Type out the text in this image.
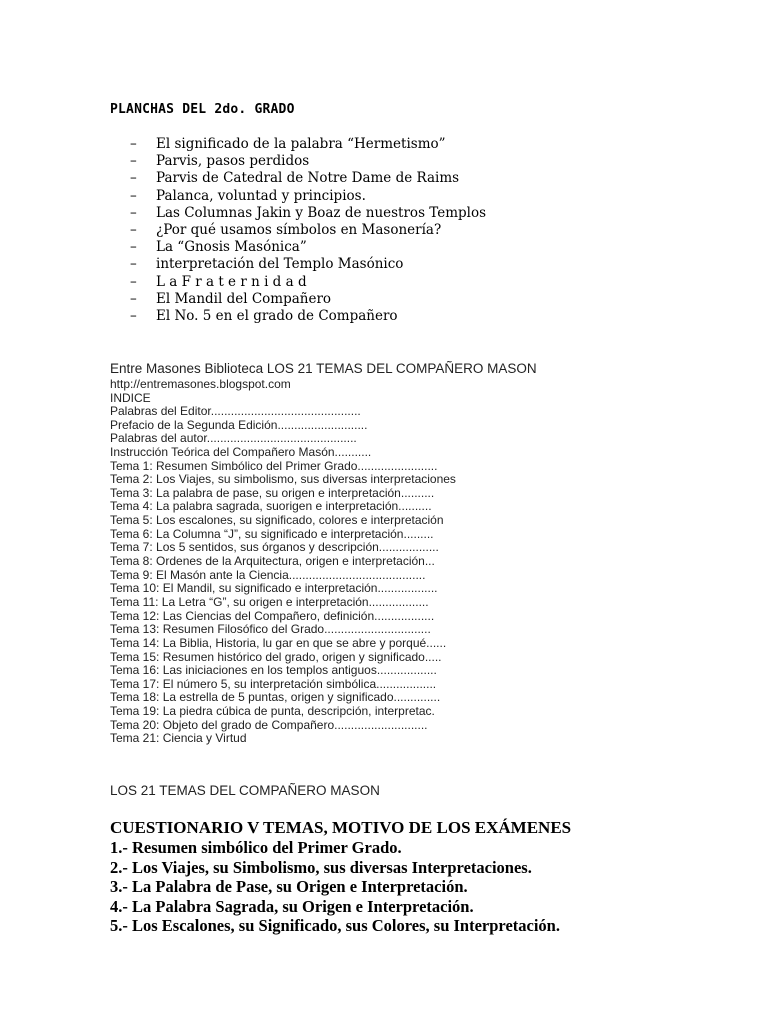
PLANCHAS DEL 2do. GRADO
– El significado de la palabra “Hermetismo”
– Parvis, pasos perdidos
– Parvis de Catedral de Notre Dame de Raims
– Palanca, voluntad y principios.
– Las Columnas Jakin y Boaz de nuestros Templos
– ¿Por qué usamos símbolos en Masonería?
– La “Gnosis Masónica”
– interpretación del Templo Masónico
– L a F r a t e r n i d a d
– El Mandil del Compañero
– El No. 5 en el grado de Compañero

Entre Masones Biblioteca LOS 21 TEMAS DEL COMPAÑERO MASON

http://entremasones.blogspot.com

INDICE

Palabras del Editor.............................................
Prefacio de la Segunda Edición...........................
Palabras del autor.............................................
Instrucción Teórica del Compañero Masón...........
Tema 1: Resumen Simbólico del Primer Grado........................
Tema 2: Los Viajes, su simbolismo, sus diversas interpretaciones
Tema 3: La palabra de pase, su origen e interpretación..........
Tema 4: La palabra sagrada, suorigen e interpretación..........
Tema 5: Los escalones, su significado, colores e interpretación
Tema 6: La Columna “J”, su significado e interpretación.........
Tema 7: Los 5 sentidos, sus órganos y descripción..................
Tema 8: Ordenes de la Arquitectura, origen e interpretación...
Tema 9: El Masón ante la Ciencia.........................................
Tema 10: El Mandil, su significado e interpretación..................
Tema 11: La Letra “G”, su origen e interpretación..................
Tema 12: Las Ciencias del Compañero, definición..................
Tema 13: Resumen Filosófico del Grado................................
Tema 14: La Biblia, Historia, lu gar en que se abre y porqué......
Tema 15: Resumen histórico del grado, origen y significado.....
Tema 16: Las iniciaciones en los templos antiguos..................
Tema 17: El número 5, su interpretación simbólica..................
Tema 18: La estrella de 5 puntas, origen y significado..............
Tema 19: La piedra cúbica de punta, descripción, interpretac.
Tema 20: Objeto del grado de Compañero............................
Tema 21: Ciencia y Virtud

LOS 21 TEMAS DEL COMPAÑERO MASON

CUESTIONARIO V TEMAS, MOTIVO DE LOS EXÁMENES

1.- Resumen simbólico del Primer Grado.
2.- Los Viajes, su Simbolismo, sus diversas Interpretaciones.
3.- La Palabra de Pase, su Origen e Interpretación.
4.- La Palabra Sagrada, su Origen e Interpretación.
5.- Los Escalones, su Significado, sus Colores, su Interpretación.
